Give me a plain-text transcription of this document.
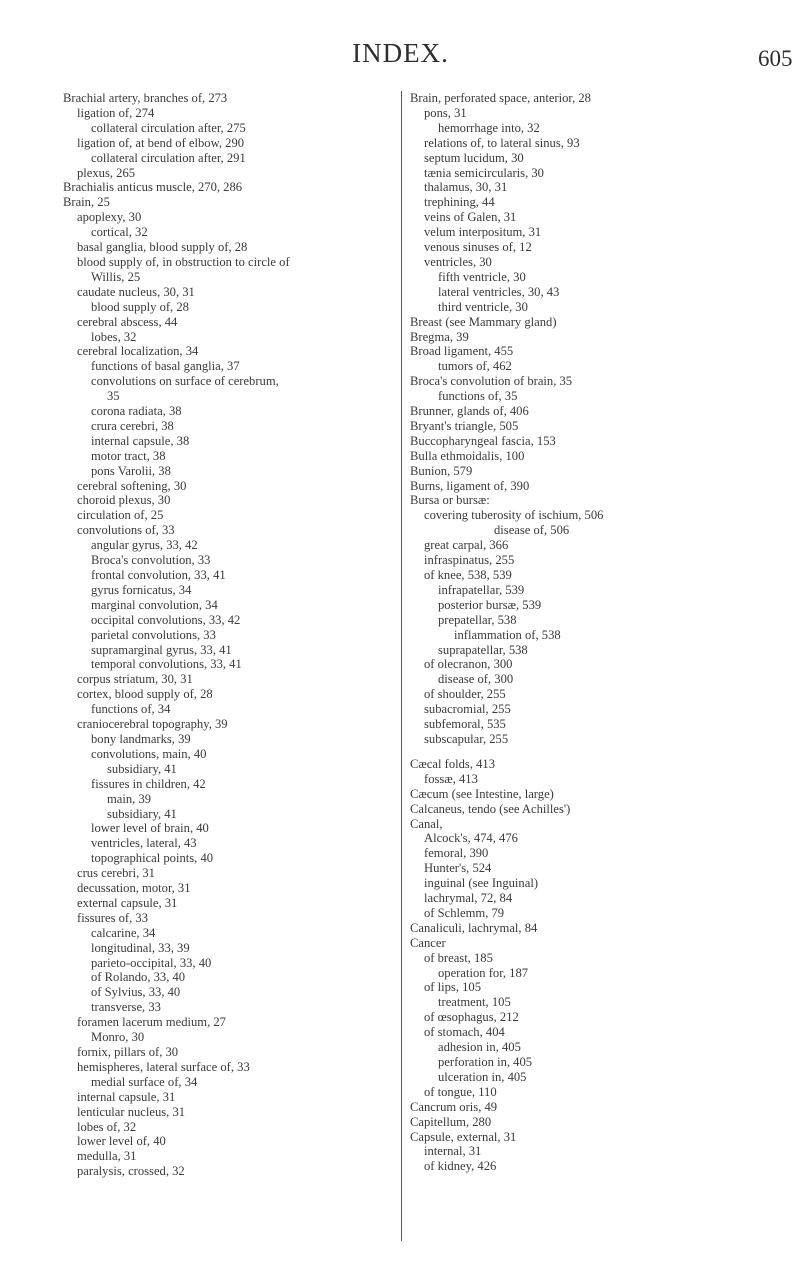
INDEX.	605
Brachial artery, branches of, 273
ligation of, 274
collateral circulation after, 275
ligation of, at bend of elbow, 290
collateral circulation after, 291
plexus, 265
Brachialis anticus muscle, 270, 286
Brain, 25
apoplexy, 30
cortical, 32
basal ganglia, blood supply of, 28
blood supply of, in obstruction to circle of
Willis, 25
caudate nucleus, 30, 31
blood supply of, 28
cerebral abscess, 44
lobes, 32
cerebral localization, 34
functions of basal ganglia, 37
convolutions on surface of cerebrum,
35
corona radiata, 38
crura cerebri, 38
internal capsule, 38
motor tract, 38
pons Varolii, 38
cerebral softening, 30
choroid plexus, 30
circulation of, 25
convolutions of, 33
angular gyrus, 33, 42
Broca's convolution, 33
frontal convolution, 33, 41
gyrus fornicatus, 34
marginal convolution, 34
occipital convolutions, 33, 42
parietal convolutions, 33
supramarginal gyrus, 33, 41
temporal convolutions, 33, 41
corpus striatum, 30, 31
cortex, blood supply of, 28
functions of, 34
craniocerebral topography, 39
bony landmarks, 39
convolutions, main, 40
subsidiary, 41
fissures in children, 42
main, 39
subsidiary, 41
lower level of brain, 40
ventricles, lateral, 43
topographical points, 40
crus cerebri, 31
decussation, motor, 31
external capsule, 31
fissures of, 33
calcarine, 34
longitudinal, 33, 39
parieto-occipital, 33, 40
of Rolando, 33, 40
of Sylvius, 33, 40
transverse, 33
foramen lacerum medium, 27
Monro, 30
fornix, pillars of, 30
hemispheres, lateral surface of, 33
medial surface of, 34
internal capsule, 31
lenticular nucleus, 31
lobes of, 32
lower level of, 40
medulla, 31
paralysis, crossed, 32
Brain, perforated space, anterior, 28
pons, 31
hemorrhage into, 32
relations of, to lateral sinus, 93
septum lucidum, 30
tænia semicircularis, 30
thalamus, 30, 31
trephining, 44
veins of Galen, 31
velum interpositum, 31
venous sinuses of, 12
ventricles, 30
fifth ventricle, 30
lateral ventricles, 30, 43
third ventricle, 30
Breast (see Mammary gland)
Bregma, 39
Broad ligament, 455
tumors of, 462
Broca's convolution of brain, 35
functions of, 35
Brunner, glands of, 406
Bryant's triangle, 505
Buccopharyngeal fascia, 153
Bulla ethmoidalis, 100
Bunion, 579
Burns, ligament of, 390
Bursa or bursæ:
covering tuberosity of ischium, 506
disease of, 506
great carpal, 366
infraspinatus, 255
of knee, 538, 539
infrapatellar, 539
posterior bursæ, 539
prepatellar, 538
inflammation of, 538
suprapatellar, 538
of olecranon, 300
disease of, 300
of shoulder, 255
subacromial, 255
subfemoral, 535
subscapular, 255
Cæcal folds, 413
fossæ, 413
Cæcum (see Intestine, large)
Calcaneus, tendo (see Achilles')
Canal,
Alcock's, 474, 476
femoral, 390
Hunter's, 524
inguinal (see Inguinal)
lachrymal, 72, 84
of Schlemm, 79
Canaliculi, lachrymal, 84
Cancer
of breast, 185
operation for, 187
of lips, 105
treatment, 105
of œsophagus, 212
of stomach, 404
adhesion in, 405
perforation in, 405
ulceration in, 405
of tongue, 110
Cancrum oris, 49
Capitellum, 280
Capsule, external, 31
internal, 31
of kidney, 426
